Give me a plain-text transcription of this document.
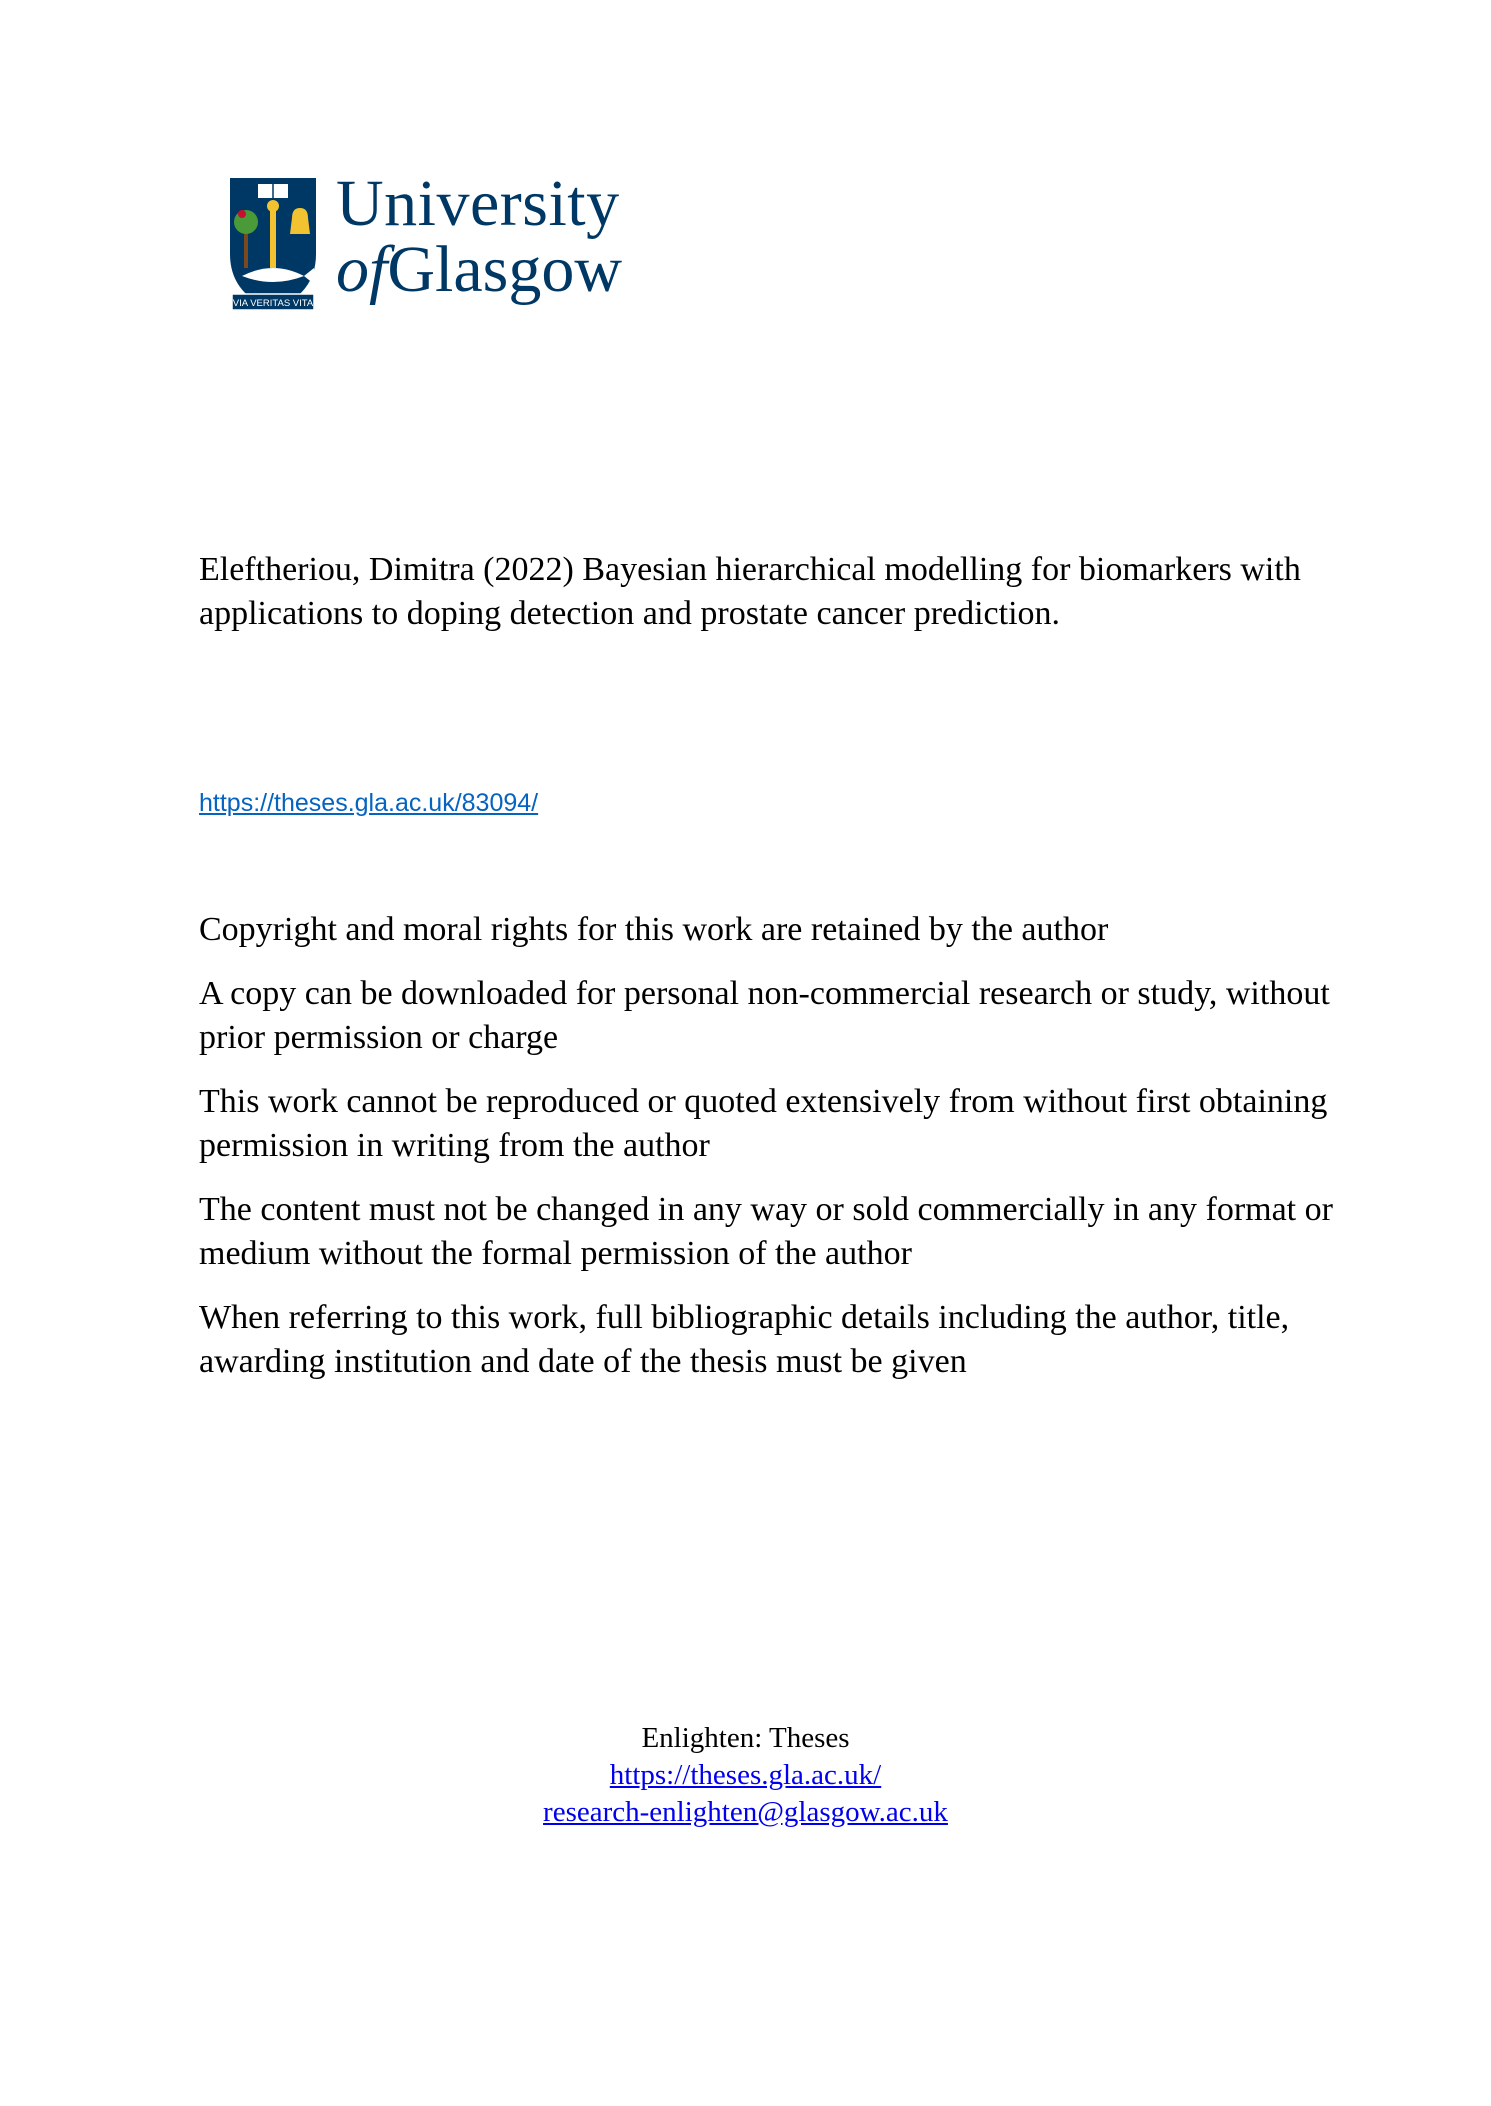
VIA VERITAS VITA
University
ofGlasgow
Eleftheriou, Dimitra (2022) Bayesian hierarchical modelling for biomarkers with applications to doping detection and prostate cancer prediction.
https://theses.gla.ac.uk/83094/

Copyright and moral rights for this work are retained by the author

A copy can be downloaded for personal non-commercial research or study, without prior permission or charge

This work cannot be reproduced or quoted extensively from without first obtaining permission in writing from the author

The content must not be changed in any way or sold commercially in any format or medium without the formal permission of the author

When referring to this work, full bibliographic details including the author, title, awarding institution and date of the thesis must be given

Enlighten: Theses
https://theses.gla.ac.uk/
research-enlighten@glasgow.ac.uk
